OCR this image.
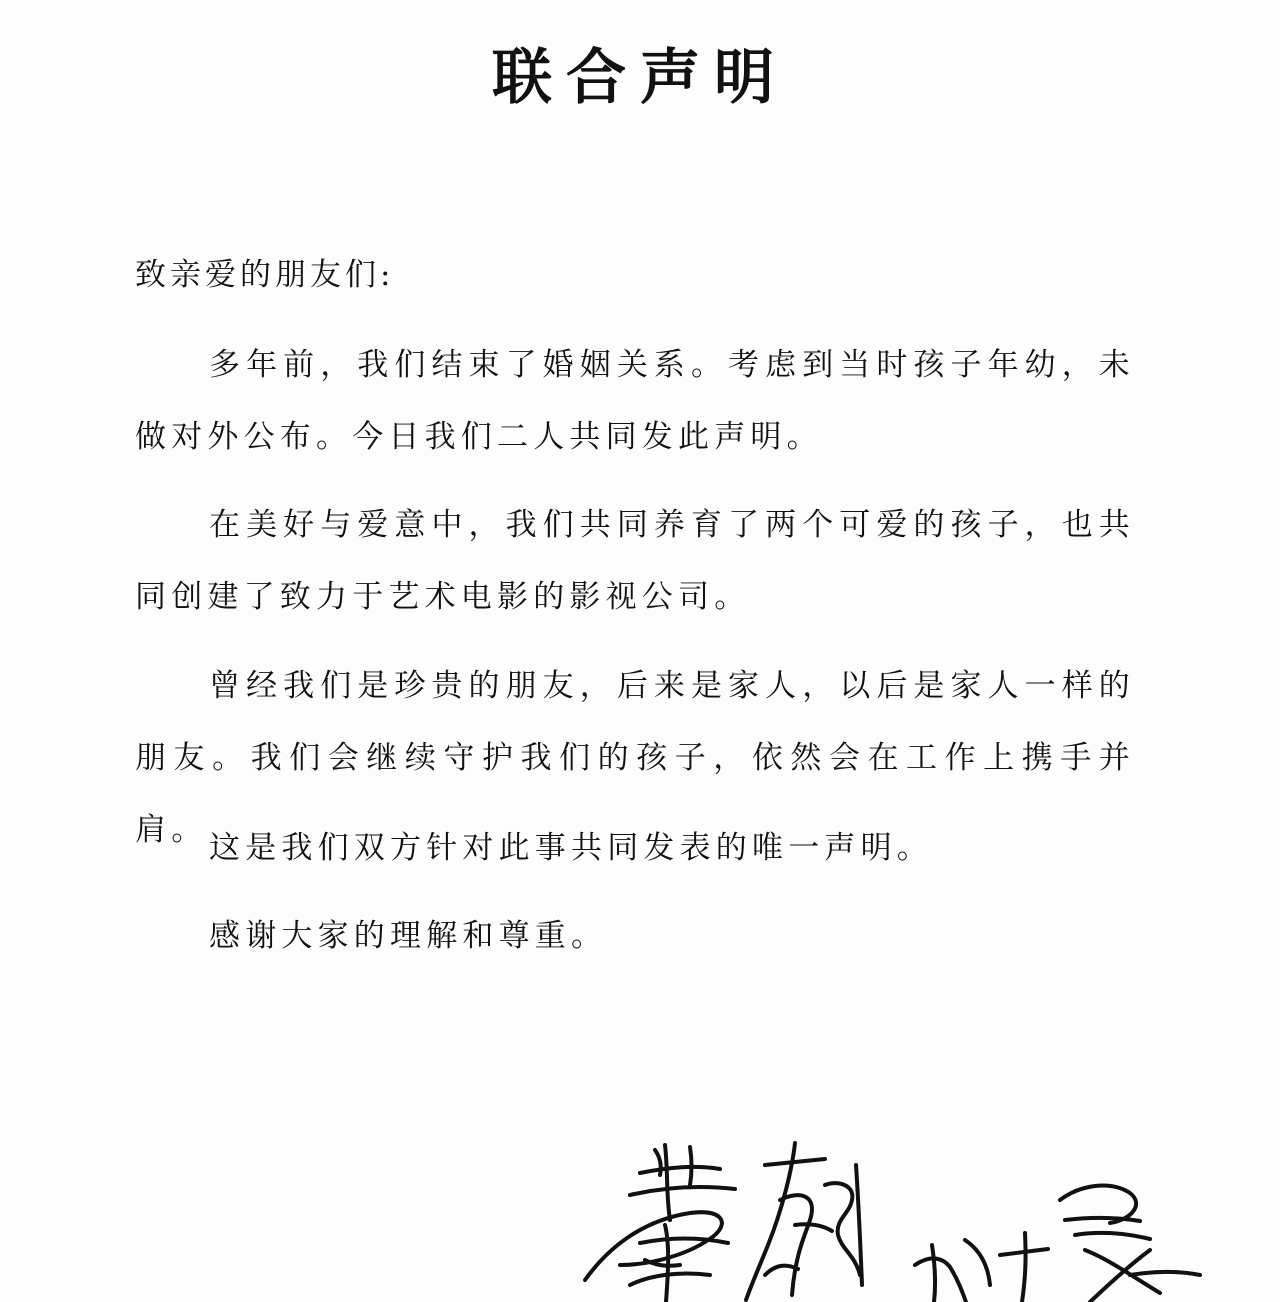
联合声明
致亲爱的朋友们:
多年前，我们结束了婚姻关系。考虑到当时孩子年幼，未做对外公布。今日我们二人共同发此声明。
在美好与爱意中，我们共同养育了两个可爱的孩子，也共同创建了致力于艺术电影的影视公司。
曾经我们是珍贵的朋友，后来是家人，以后是家人一样的朋友。我们会继续守护我们的孩子，依然会在工作上携手并肩。 这是我们双方针对此事共同发表的唯一声明。
感谢大家的理解和尊重。
